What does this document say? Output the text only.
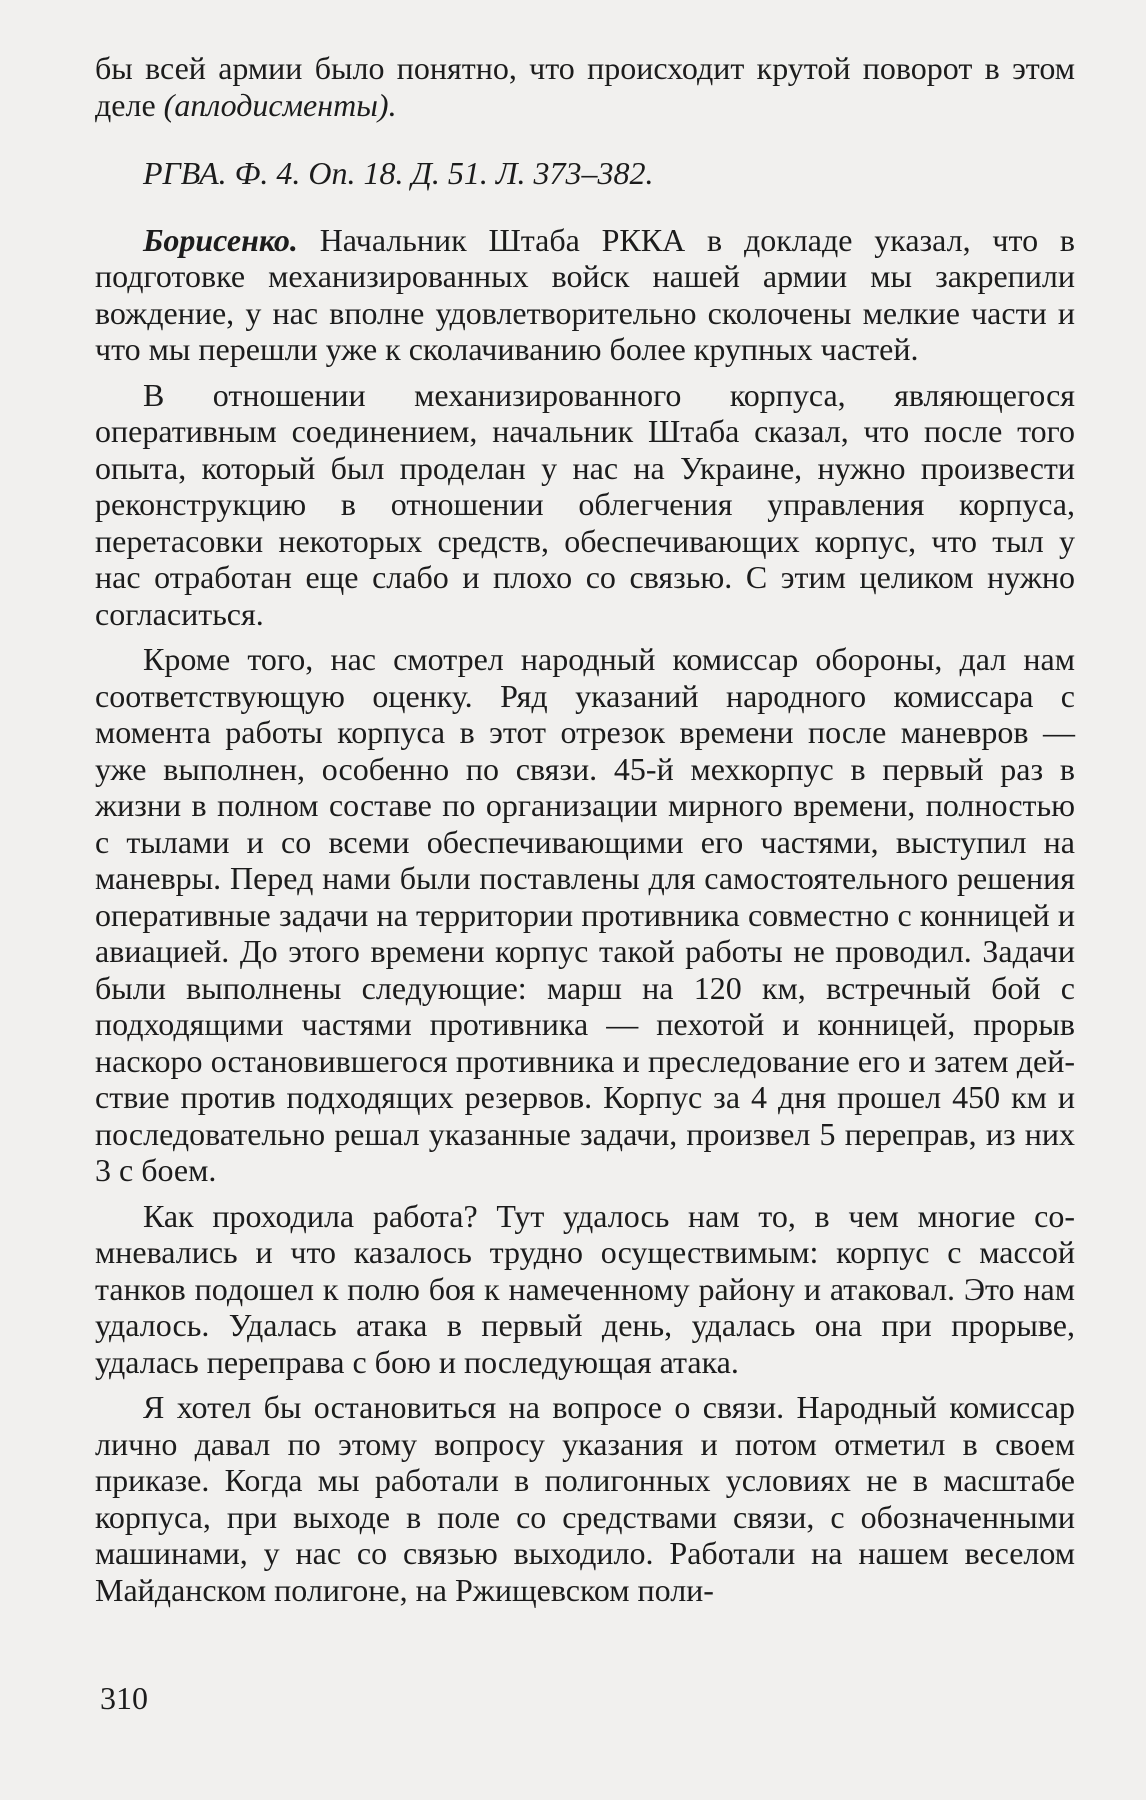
бы всей армии было понятно, что происходит крутой поворот в этом деле (аплодисменты).

РГВА. Ф. 4. Оп. 18. Д. 51. Л. 373–382.

Борисенко. Начальник Штаба РККА в докладе указал, что в подготовке механизированных войск нашей армии мы закрепили вождение, у нас вполне удовлетворительно сколочены мелкие части и что мы перешли уже к сколачиванию более крупных частей.

В отношении механизированного корпуса, являющегося оперативным соединением, начальник Штаба сказал, что после того опыта, который был проделан у нас на Украине, нужно произвести реконструкцию в отношении облегчения управления корпуса, перетасовки некоторых средств, обеспечивающих корпус, что тыл у нас отработан еще слабо и плохо со связью. С этим целиком нужно согласиться.

Кроме того, нас смотрел народный комиссар обороны, дал нам соответствующую оценку. Ряд указаний народного комиссара с момента работы корпуса в этот отрезок времени после маневров — уже выполнен, особенно по связи. 45-й мехкорпус в первый раз в жизни в полном составе по организации мирного времени, полностью с тылами и со всеми обеспечивающими его частями, выступил на маневры. Перед нами были поставлены для самостоятельного решения оперативные задачи на территории противника совместно с конницей и авиацией. До этого времени корпус такой работы не проводил. Задачи были выполнены следующие: марш на 120 км, встречный бой с подходящими частями противника — пехотой и конницей, прорыв наскоро остановившегося противника и преследование его и затем действие против подходящих резервов. Корпус за 4 дня прошел 450 км и последовательно решал указанные задачи, произвел 5 переправ, из них 3 с боем.

Как проходила работа? Тут удалось нам то, в чем многие сомневались и что казалось трудно осуществимым: корпус с массой танков подошел к полю боя к намеченному району и атаковал. Это нам удалось. Удалась атака в первый день, удалась она при прорыве, удалась переправа с бою и последующая атака.

Я хотел бы остановиться на вопросе о связи. Народный комиссар лично давал по этому вопросу указания и потом отметил в своем приказе. Когда мы работали в полигонных условиях не в масштабе корпуса, при выходе в поле со средствами связи, с обозначенными машинами, у нас со связью выходило. Работали на нашем веселом Майданском полигоне, на Ржищевском поли-

310
